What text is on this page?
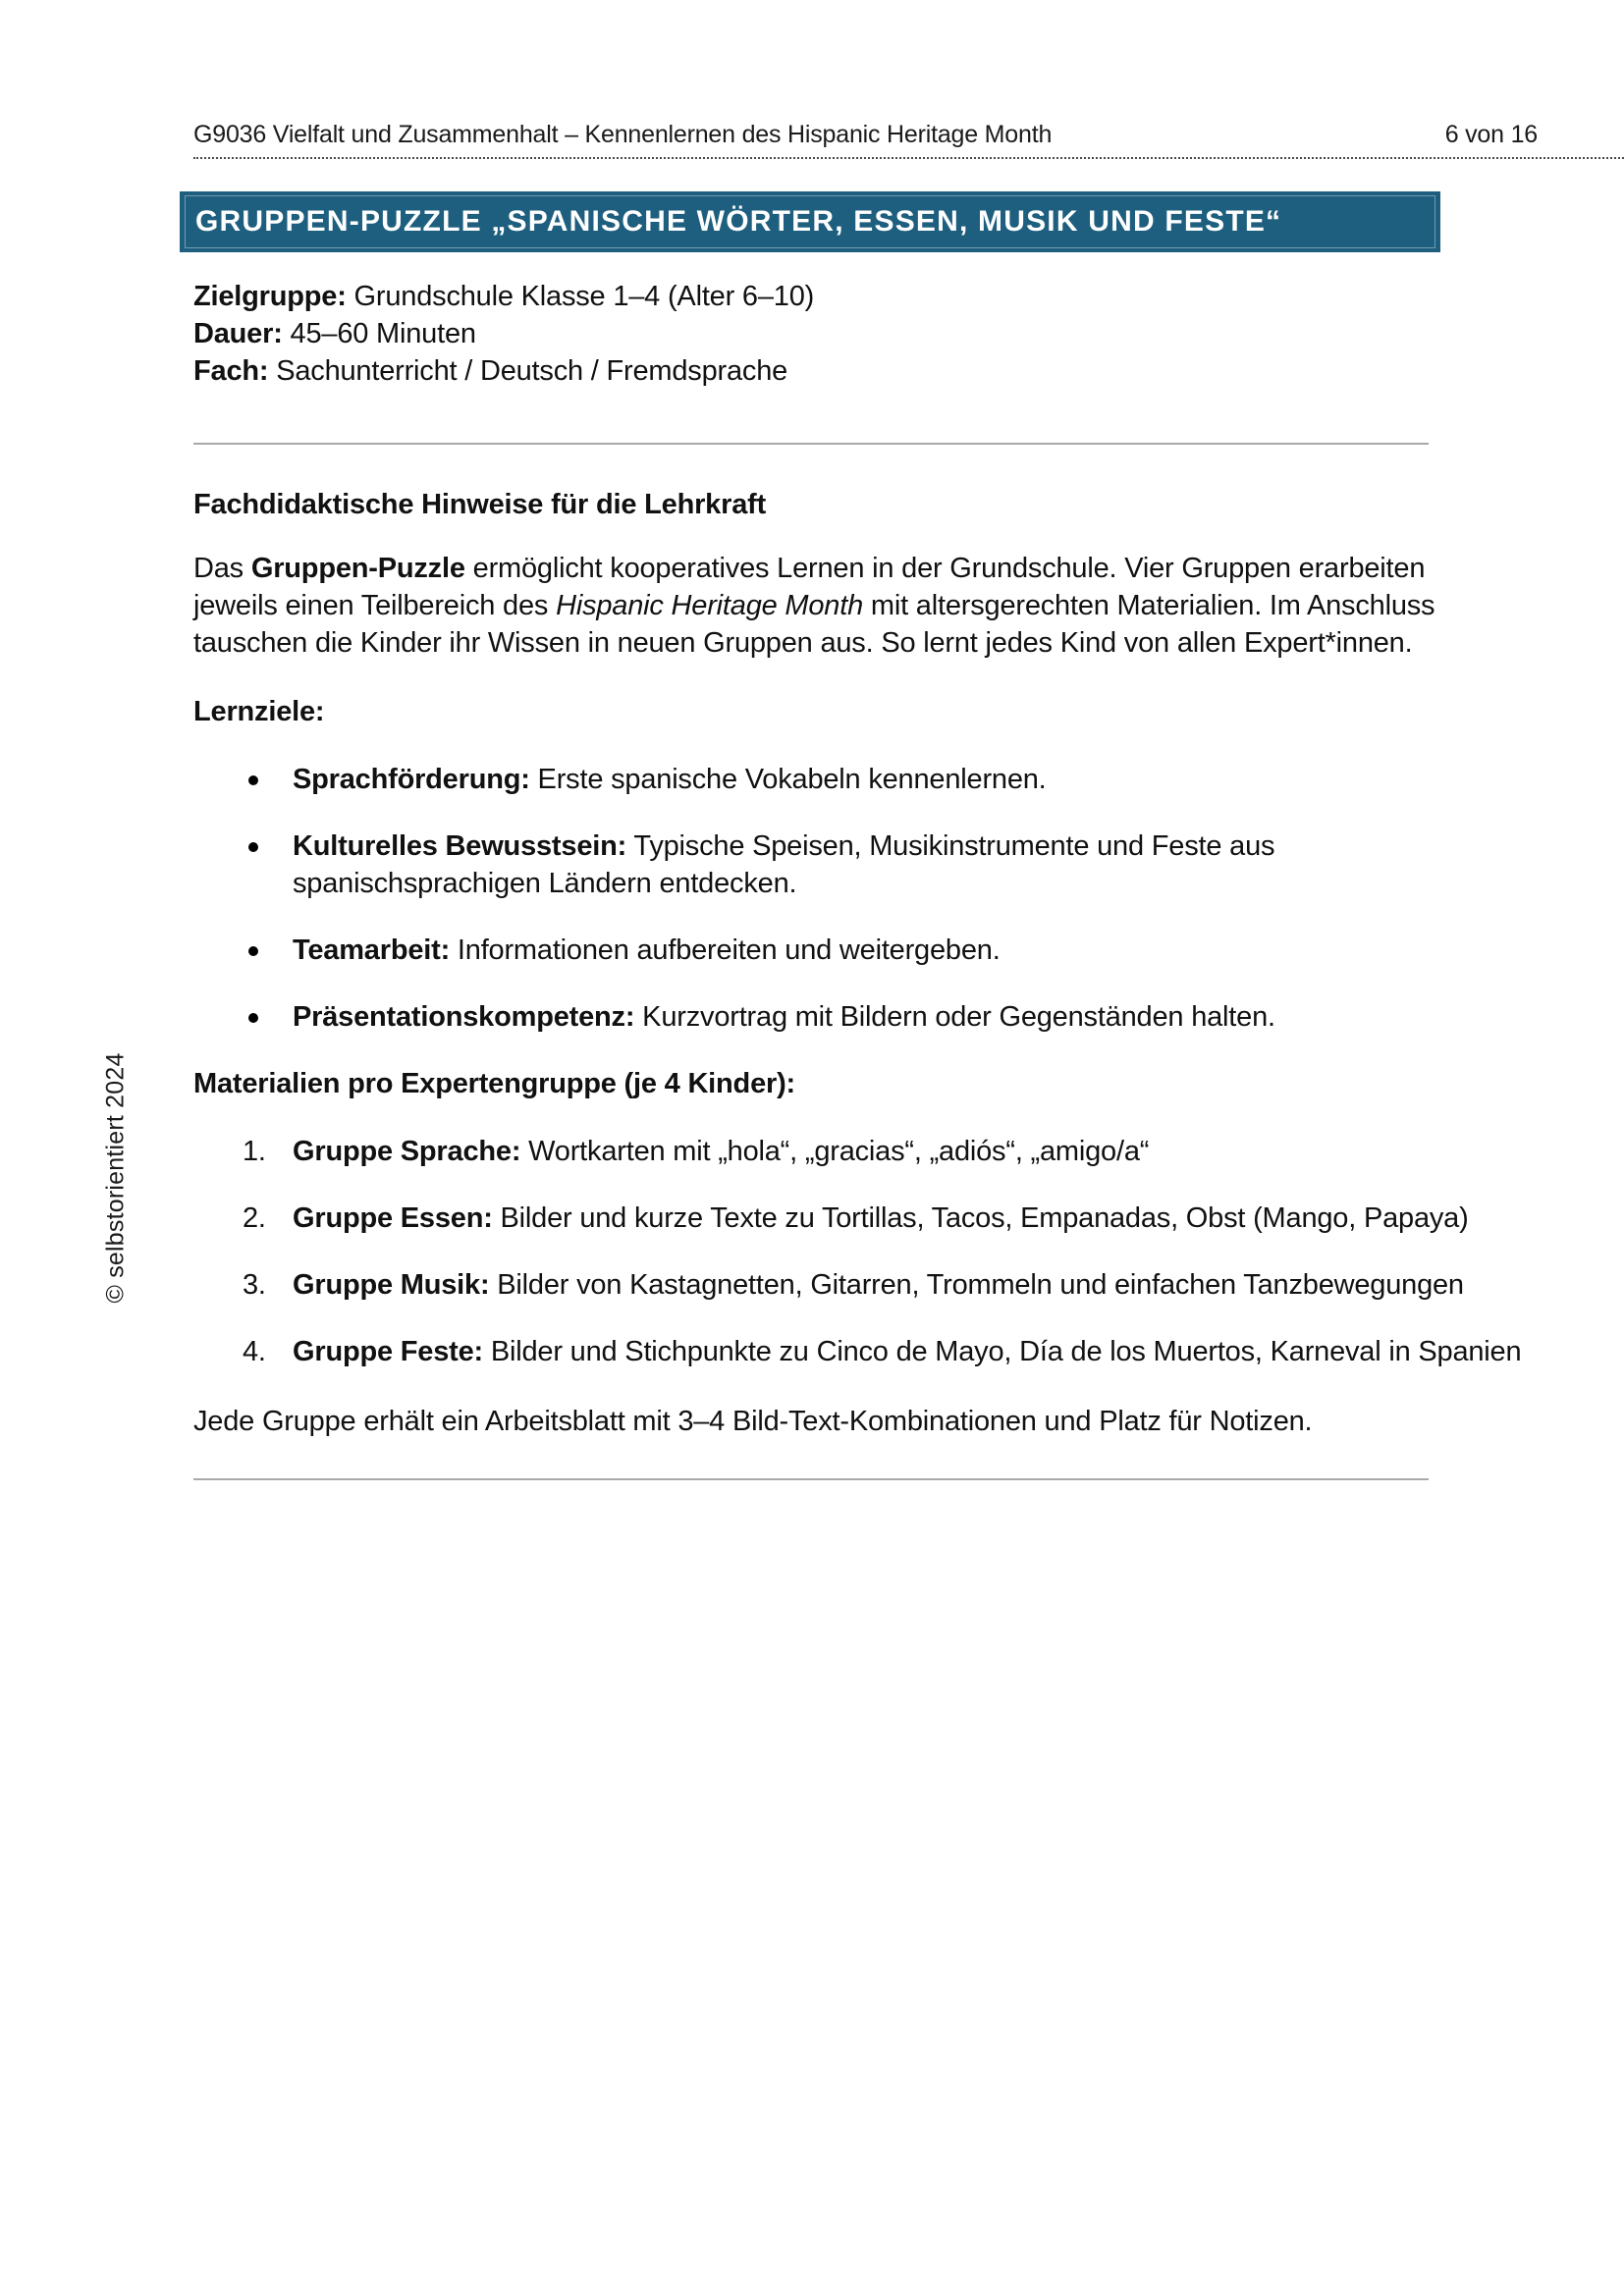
G9036 Vielfalt und Zusammenhalt – Kennenlernen des Hispanic Heritage Month	6 von 16
© selbstorientiert 2024
GRUPPEN-PUZZLE „SPANISCHE WÖRTER, ESSEN, MUSIK UND FESTE“
Zielgruppe: Grundschule Klasse 1–4 (Alter 6–10)
Dauer: 45–60 Minuten
Fach: Sachunterricht / Deutsch / Fremdsprache
Fachdidaktische Hinweise für die Lehrkraft

Das Gruppen-Puzzle ermöglicht kooperatives Lernen in der Grundschule. Vier Gruppen erarbeiten jeweils einen Teilbereich des Hispanic Heritage Month mit altersgerechten Materialien. Im Anschluss tauschen die Kinder ihr Wissen in neuen Gruppen aus. So lernt jedes Kind von allen Expert*innen.

Lernziele:
Sprachförderung: Erste spanische Vokabeln kennenlernen.
Kulturelles Bewusstsein: Typische Speisen, Musikinstrumente und Feste aus spanischsprachigen Ländern entdecken.
Teamarbeit: Informationen aufbereiten und weitergeben.
Präsentationskompetenz: Kurzvortrag mit Bildern oder Gegenständen halten.
Materialien pro Expertengruppe (je 4 Kinder):
1. Gruppe Sprache: Wortkarten mit „hola“, „gracias“, „adiós“, „amigo/a“
2. Gruppe Essen: Bilder und kurze Texte zu Tortillas, Tacos, Empanadas, Obst (Mango, Papaya)
3. Gruppe Musik: Bilder von Kastagnetten, Gitarren, Trommeln und einfachen Tanzbewegungen
4. Gruppe Feste: Bilder und Stichpunkte zu Cinco de Mayo, Día de los Muertos, Karneval in Spanien

Jede Gruppe erhält ein Arbeitsblatt mit 3–4 Bild-Text-Kombinationen und Platz für Notizen.
